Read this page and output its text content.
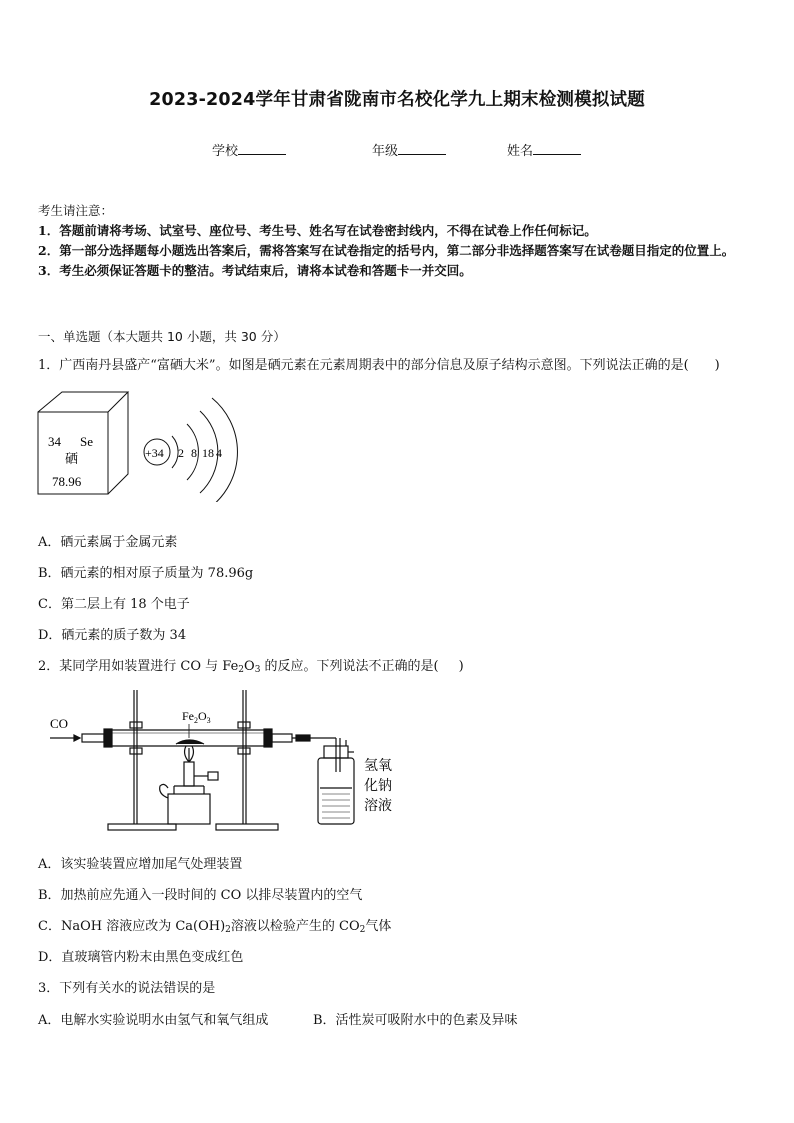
2023-2024学年甘肃省陇南市名校化学九上期末检测模拟试题
学校	年级	姓名
考生请注意：
1．答题前请将考场、试室号、座位号、考生号、姓名写在试卷密封线内，不得在试卷上作任何标记。
2．第一部分选择题每小题选出答案后，需将答案写在试卷指定的括号内，第二部分非选择题答案写在试卷题目指定的位置上。
3．考生必须保证答题卡的整洁。考试结束后，请将本试卷和答题卡一并交回。
一、单选题（本大题共 10 小题，共 30 分）
1．广西南丹县盛产“富硒大米”。如图是硒元素在元素周期表中的部分信息及原子结构示意图。下列说法正确的是( )
34 Se
硒
78.96
+34 2 8 18 4
A．硒元素属于金属元素
B．硒元素的相对原子质量为 78.96g
C．第二层上有 18 个电子
D．硒元素的质子数为 34
2．某同学用如装置进行 CO 与 $Fe_2O_3$ 的反应。下列说法不正确的是( )
CO	$Fe_2O_3$
氢氧
化钠
溶液
A．该实验装置应增加尾气处理装置
B．加热前应先通入一段时间的 CO 以排尽装置内的空气
C．NaOH 溶液应改为 $Ca(OH)_2$溶液以检验产生的 $CO_2$气体
D．直玻璃管内粉末由黑色变成红色
3．下列有关水的说法错误的是
A．电解水实验说明水由氢气和氧气组成	B．活性炭可吸附水中的色素及异味
